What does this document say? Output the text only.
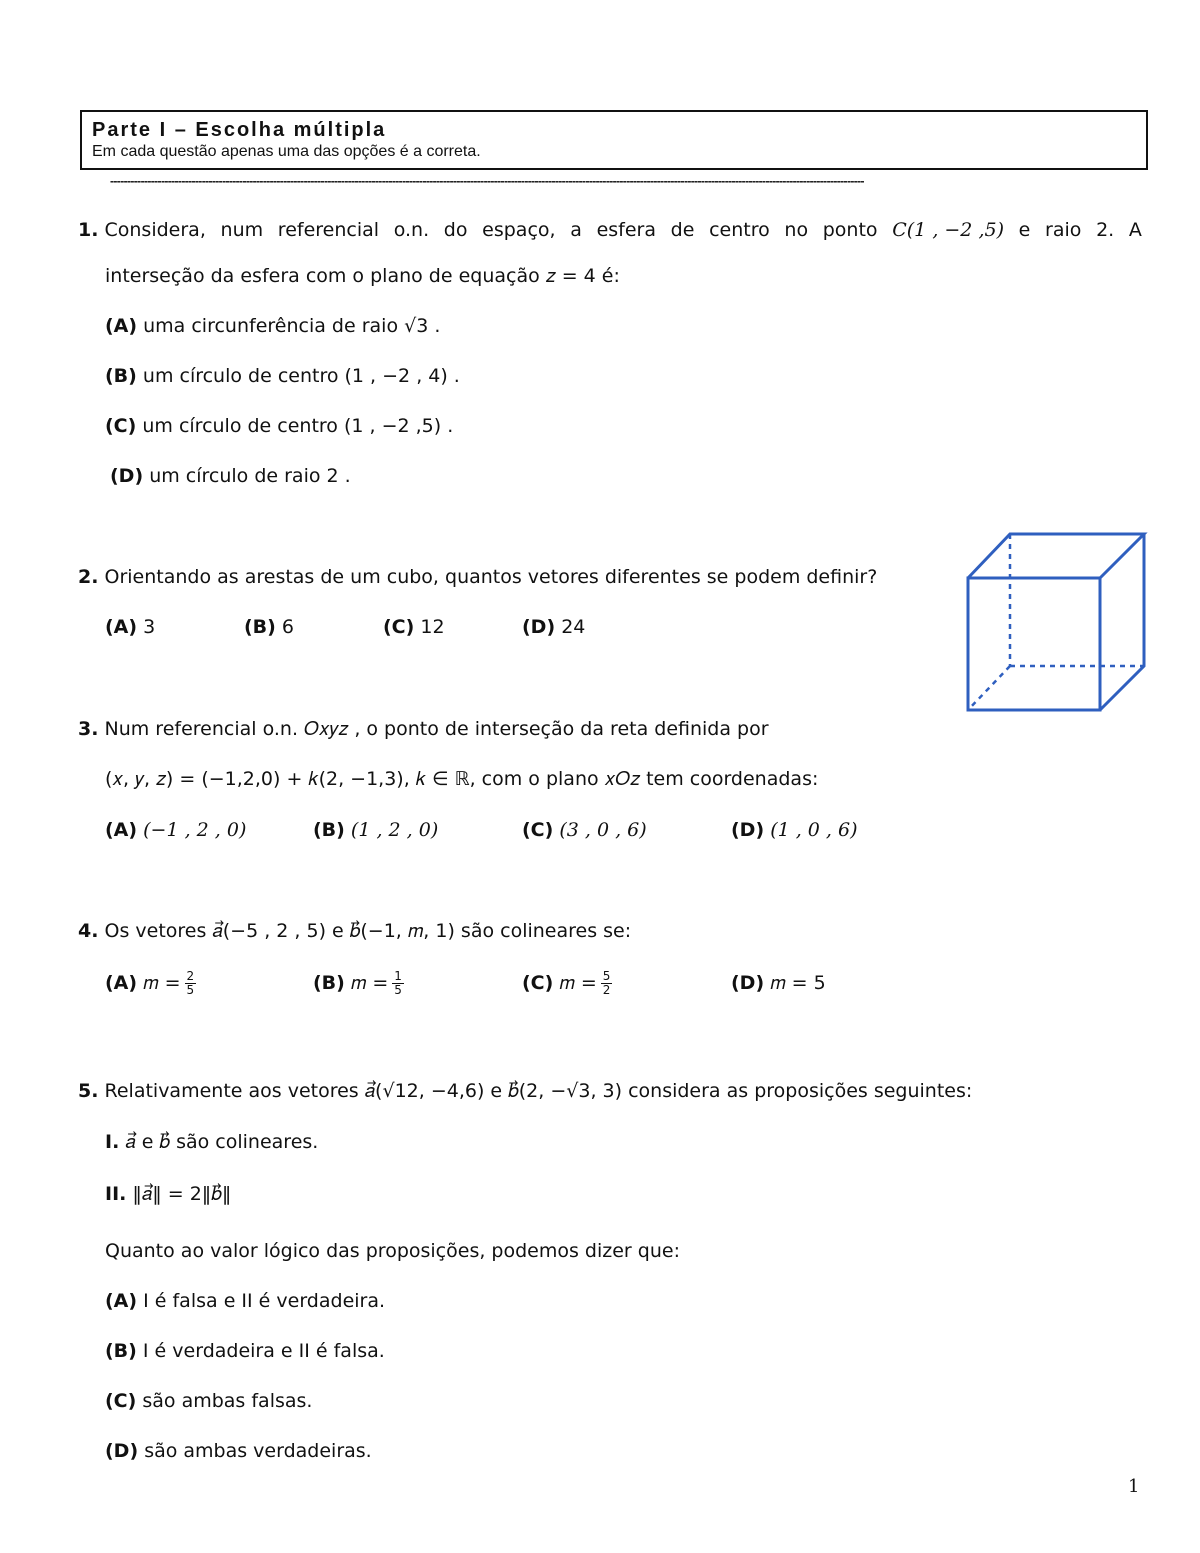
Parte I – Escolha múltipla
Em cada questão apenas uma das opções é a correta.
------------------------------------------------------------------------------------------------------------------------------------------------------------------------------------------------------------------------------
1. Considera, num referencial o.n. do espaço, a esfera de centro no ponto 𝐶(1 , −2 ,5) e raio 2. A
interseção da esfera com o plano de equação 𝑧 = 4 é:
(A) uma circunferência de raio √3 .
(B) um círculo de centro (1 , −2 , 4) .
(C) um círculo de centro (1 , −2 ,5) .
(D) um círculo de raio 2 .
2. Orientando as arestas de um cubo, quantos vetores diferentes se podem definir?
(A) 3	(B) 6	(C) 12	(D) 24
3. Num referencial o.n. 𝑂𝑥𝑦𝑧 , o ponto de interseção da reta definida por
(𝑥, 𝑦, 𝑧) = (−1,2,0) + 𝑘(2, −1,3), 𝑘 ∈ ℝ, com o plano 𝑥𝑂𝑧 tem coordenadas:
(A) (−1 , 2 , 0)	(B) (1 , 2 , 0)	(C) (3 , 0 , 6)	(D) (1 , 0 , 6)
4. Os vetores 𝑎⃗(−5 , 2 , 5) e 𝑏⃗(−1, 𝑚, 1) são colineares se:
(A) 𝑚 = $\frac{2}{5}$	(B) 𝑚 = $\frac{1}{5}$	(C) 𝑚 = $\frac{5}{2}$	(D) 𝑚 = 5
5. Relativamente aos vetores 𝑎⃗(√12, −4,6) e 𝑏⃗(2, −√3, 3) considera as proposições seguintes:
I. 𝑎⃗ e 𝑏⃗ são colineares.
II. ‖𝑎⃗‖ = 2‖𝑏⃗‖
Quanto ao valor lógico das proposições, podemos dizer que:
(A) I é falsa e II é verdadeira.
(B) I é verdadeira e II é falsa.
(C) são ambas falsas.
(D) são ambas verdadeiras.
1
